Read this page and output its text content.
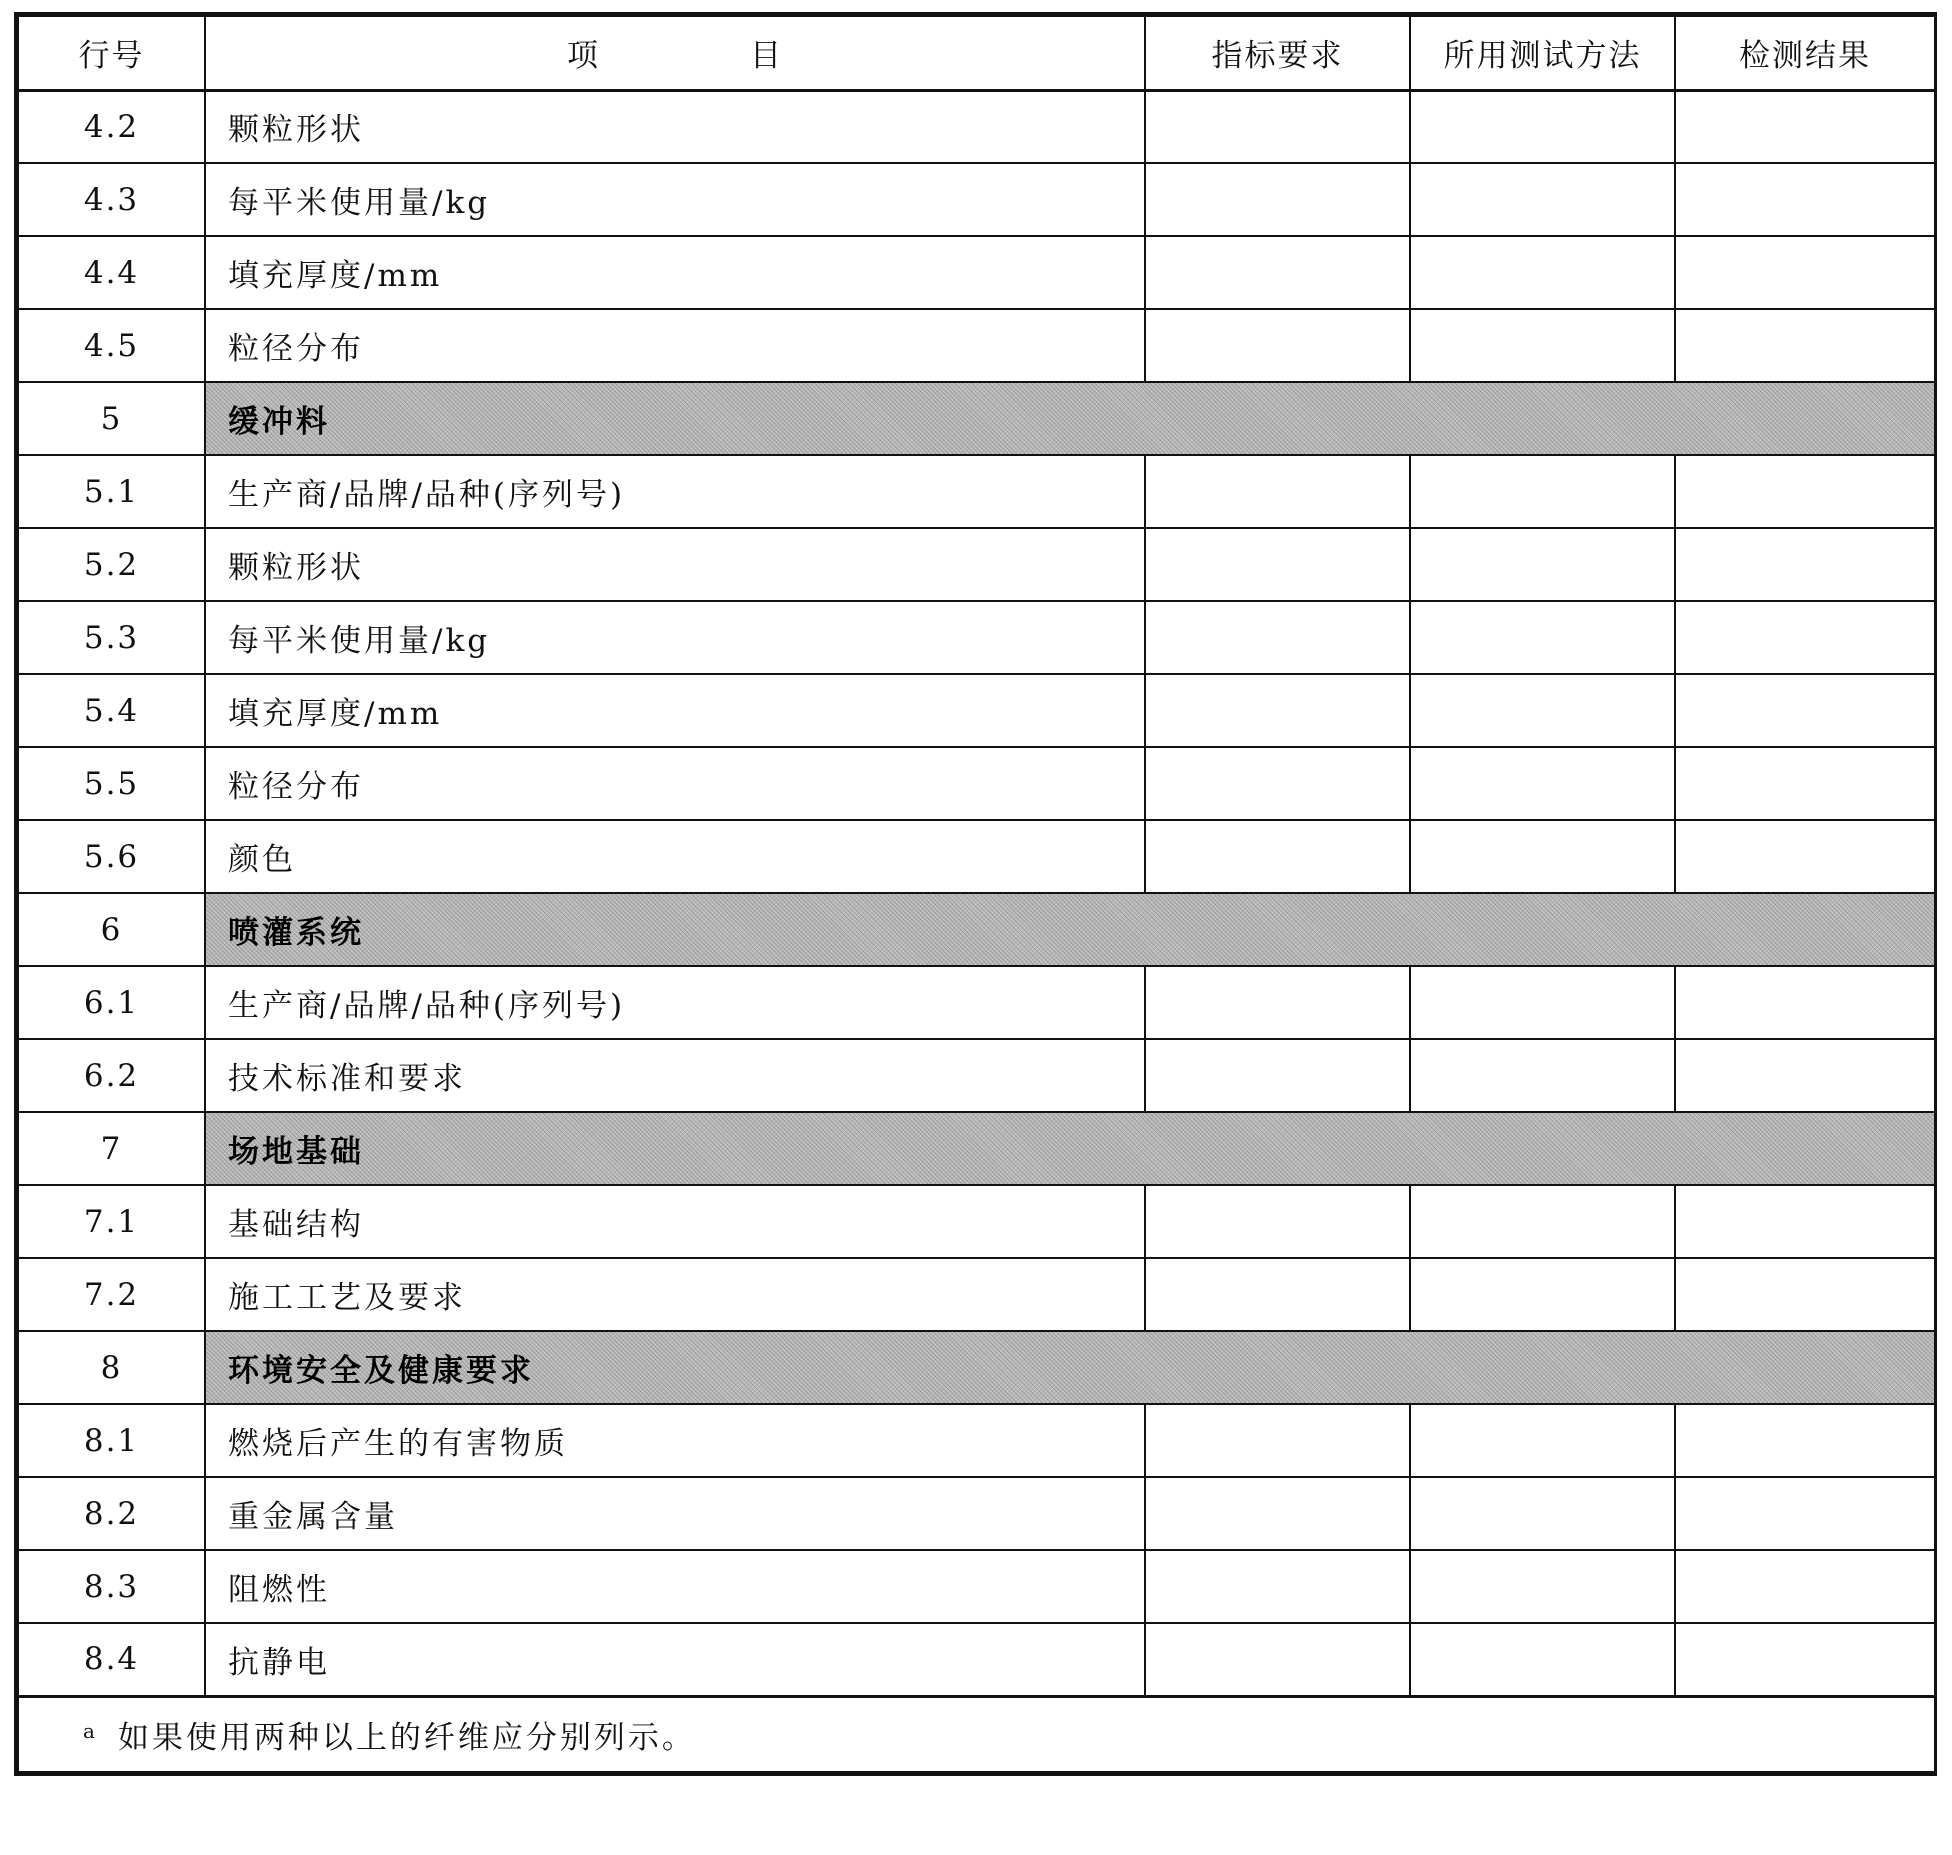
行号	项 目	指标要求	所用测试方法	检测结果
4.2	颗粒形状			
4.3	每平米使用量/kg			
4.4	填充厚度/mm			
4.5	粒径分布			
5	缓冲料			
5.1	生产商/品牌/品种(序列号)			
5.2	颗粒形状			
5.3	每平米使用量/kg			
5.4	填充厚度/mm			
5.5	粒径分布			
5.6	颜色			
6	喷灌系统			
6.1	生产商/品牌/品种(序列号)			
6.2	技术标准和要求			
7	场地基础			
7.1	基础结构			
7.2	施工工艺及要求			
8	环境安全及健康要求			
8.1	燃烧后产生的有害物质			
8.2	重金属含量			
8.3	阻燃性			
8.4	抗静电			
$^a$ 如果使用两种以上的纤维应分别列示。				
